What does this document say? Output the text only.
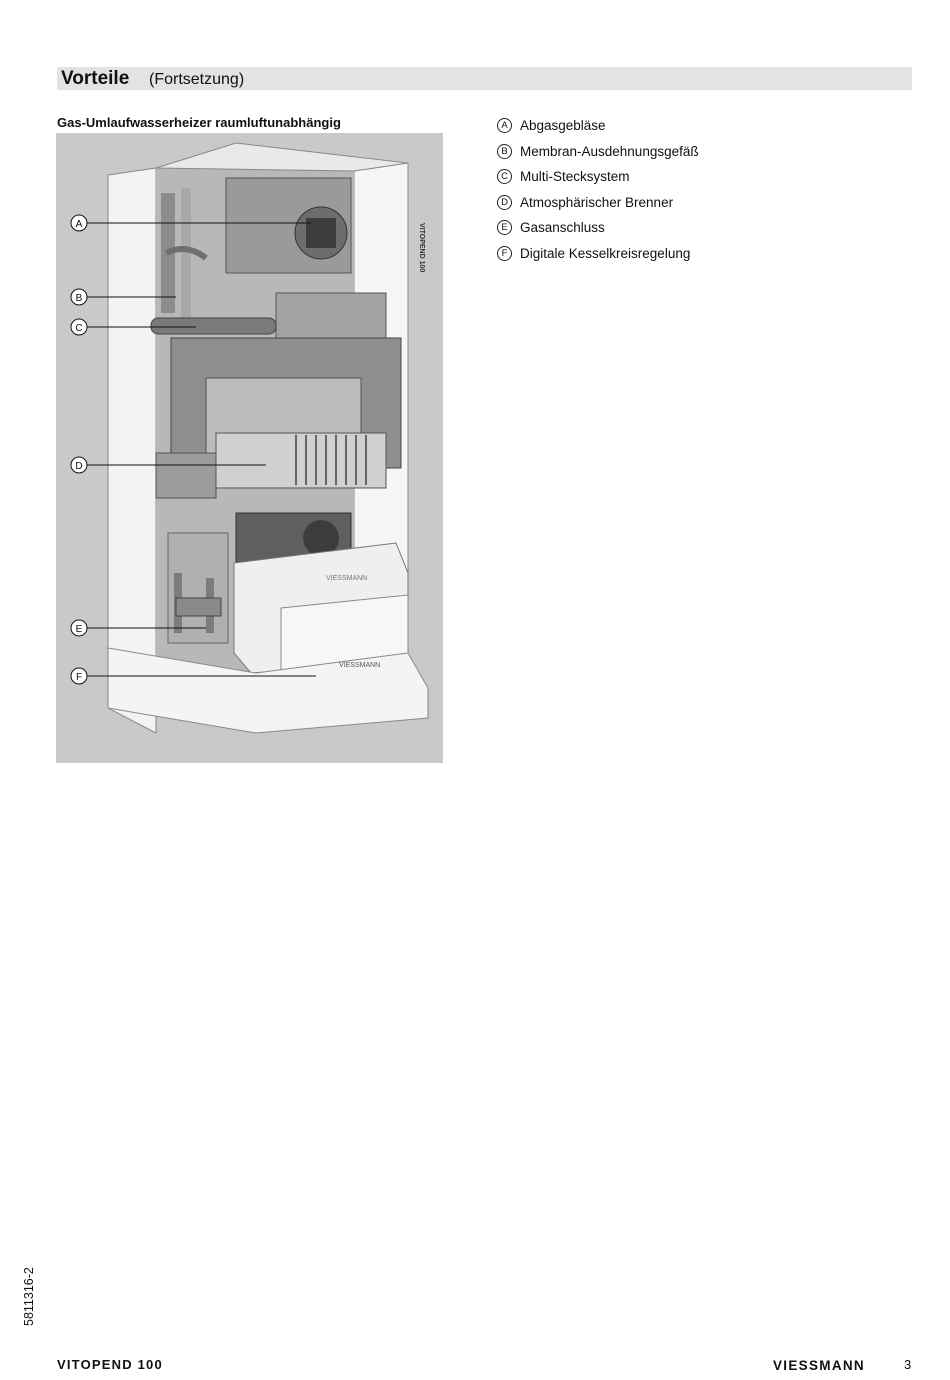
Vorteile (Fortsetzung)
Gas-Umlaufwasserheizer raumluftunabhängig
VIESSMANN
VIESSMANN
VITOPEND 100
A
B
C
D
E
F
A Abgasgebläse
B Membran-Ausdehnungsgefäß
C Multi-Stecksystem
D Atmosphärischer Brenner
E Gasanschluss
F Digitale Kesselkreisregelung
5811316-2
VITOPEND 100	VIESSMANN	3
